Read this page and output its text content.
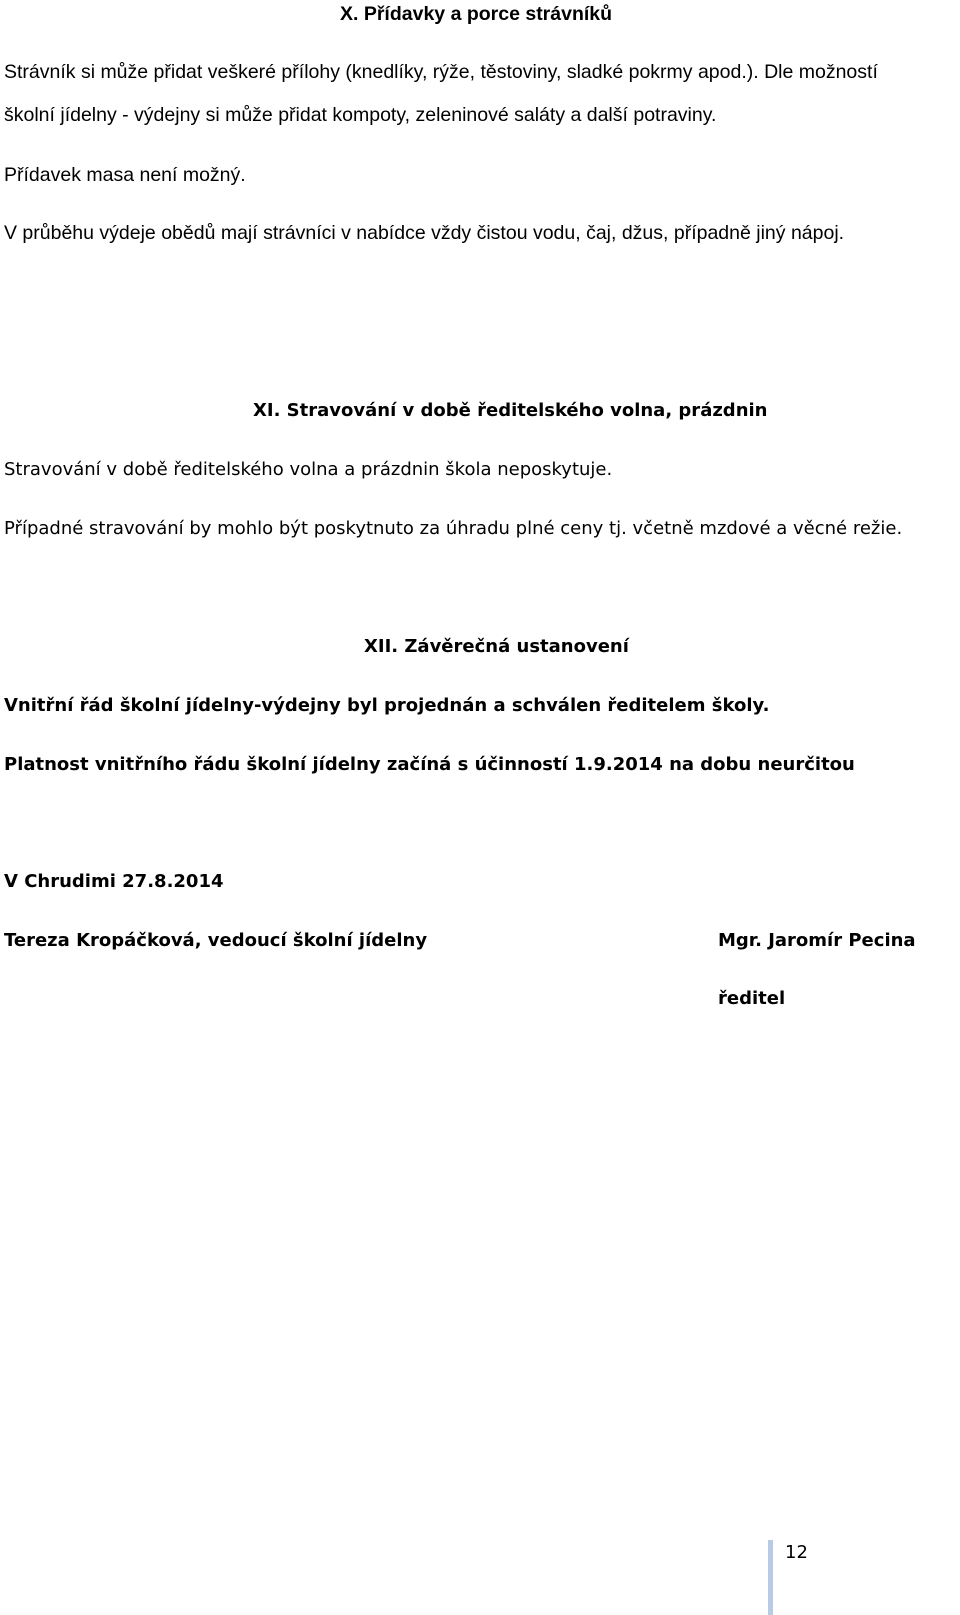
X. Přídavky a porce strávníků
Strávník si může přidat veškeré přílohy (knedlíky, rýže, těstoviny, sladké pokrmy apod.). Dle možností
školní jídelny - výdejny si může přidat kompoty, zeleninové saláty a další potraviny.
Přídavek masa není možný.
V průběhu výdeje obědů mají strávníci v nabídce vždy čistou vodu, čaj, džus, případně jiný nápoj.
XI. Stravování v době ředitelského volna, prázdnin
Stravování v době ředitelského volna a prázdnin škola neposkytuje.
Případné stravování by mohlo být poskytnuto za úhradu plné ceny tj. včetně mzdové a věcné režie.
XII. Závěrečná ustanovení
Vnitřní řád školní jídelny-výdejny byl projednán a schválen ředitelem školy.
Platnost vnitřního řádu školní jídelny začíná s účinností 1.9.2014 na dobu neurčitou
V Chrudimi 27.8.2014
Tereza Kropáčková, vedoucí školní jídelny	Mgr. Jaromír Pecina
ředitel
12
